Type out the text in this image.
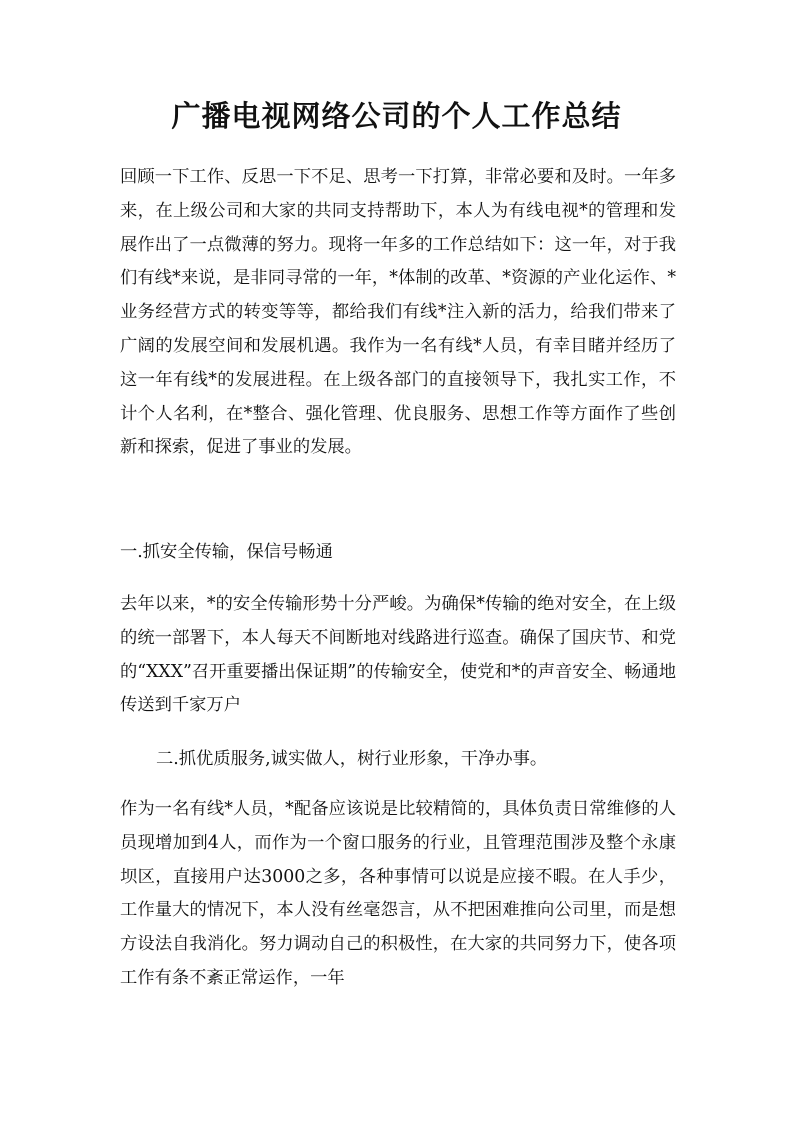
广播电视网络公司的个人工作总结

回顾一下工作、反思一下不足、思考一下打算，非常必要和及时。一年多来，在上级公司和大家的共同支持帮助下，本人为有线电视*的管理和发展作出了一点微薄的努力。现将一年多的工作总结如下：这一年，对于我们有线*来说，是非同寻常的一年，*体制的改革、*资源的产业化运作、*业务经营方式的转变等等，都给我们有线*注入新的活力，给我们带来了广阔的发展空间和发展机遇。我作为一名有线*人员，有幸目睹并经历了这一年有线*的发展进程。在上级各部门的直接领导下，我扎实工作，不计个人名利，在*整合、强化管理、优良服务、思想工作等方面作了些创新和探索，促进了事业的发展。

一.抓安全传输，保信号畅通

去年以来，*的安全传输形势十分严峻。为确保*传输的绝对安全，在上级的统一部署下，本人每天不间断地对线路进行巡查。确保了国庆节、和党的“XXX”召开重要播出保证期”的传输安全，使党和*的声音安全、畅通地传送到千家万户

二.抓优质服务,诚实做人，树行业形象，干净办事。

作为一名有线*人员，*配备应该说是比较精简的，具体负责日常维修的人员现增加到4人，而作为一个窗口服务的行业，且管理范围涉及整个永康坝区，直接用户达3000之多，各种事情可以说是应接不暇。在人手少，工作量大的情况下，本人没有丝毫怨言，从不把困难推向公司里，而是想方设法自我消化。努力调动自己的积极性，在大家的共同努力下，使各项工作有条不紊正常运作，一年
